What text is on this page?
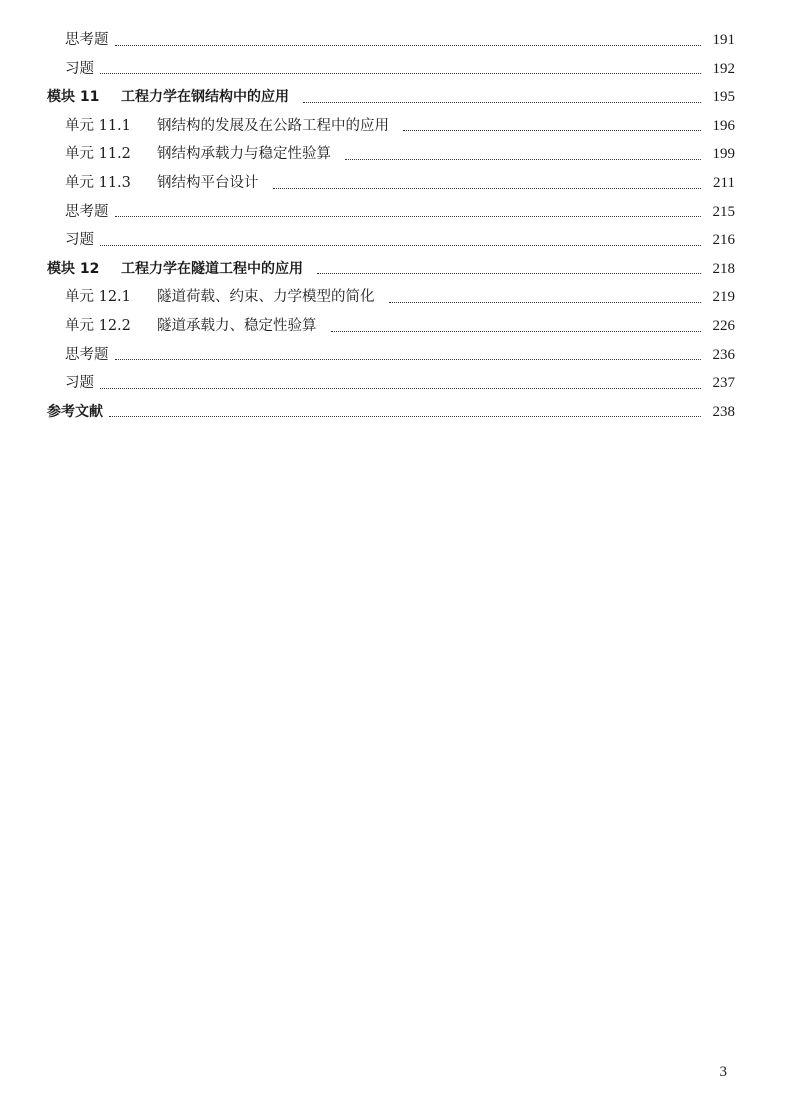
思考题	191
习题	192
模块 11	工程力学在钢结构中的应用	195
单元 11.1	钢结构的发展及在公路工程中的应用	196
单元 11.2	钢结构承载力与稳定性验算	199
单元 11.3	钢结构平台设计	211
思考题	215
习题	216
模块 12	工程力学在隧道工程中的应用	218
单元 12.1	隧道荷载、约束、力学模型的简化	219
单元 12.2	隧道承载力、稳定性验算	226
思考题	236
习题	237
参考文献	238
3
